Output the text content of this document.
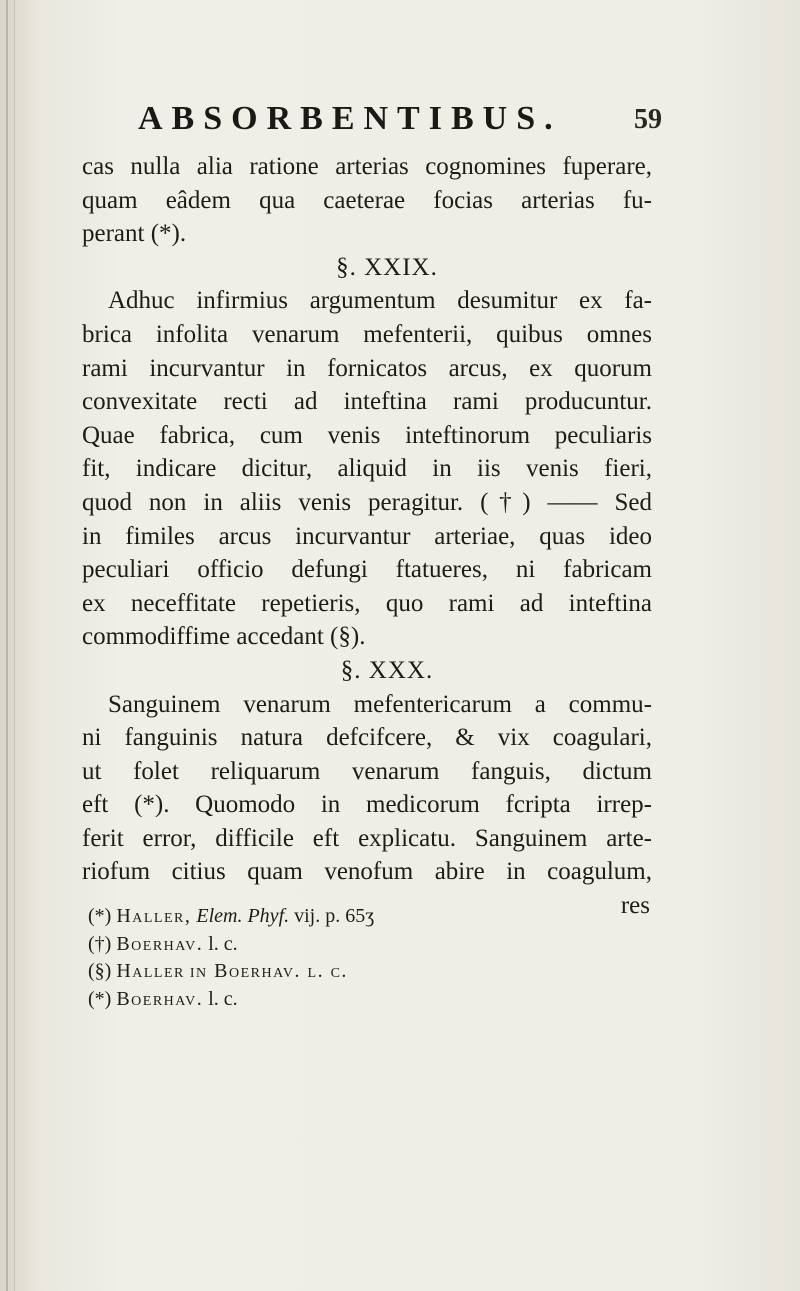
ABSORBENTIBUS.	59
cas nulla alia ratione arterias cognomines fuperare,
quam eâdem qua caeterae focias arterias fu-
perant (*).
§. XXIX.
Adhuc infirmius argumentum desumitur ex fa-
brica infolita venarum mefenterii, quibus omnes
rami incurvantur in fornicatos arcus, ex quorum
convexitate recti ad inteftina rami producuntur.
Quae fabrica, cum venis inteftinorum peculiaris
fit, indicare dicitur, aliquid in iis venis fieri,
quod non in aliis venis peragitur. (†) —— Sed
in fimiles arcus incurvantur arteriae, quas ideo
peculiari officio defungi ftatueres, ni fabricam
ex neceffitate repetieris, quo rami ad inteftina
commodiffime accedant (§).
§. XXX.
Sanguinem venarum mefentericarum a commu-
ni fanguinis natura defcifcere, & vix coagulari,
ut folet reliquarum venarum fanguis, dictum
eft (*). Quomodo in medicorum fcripta irrep-
ferit error, difficile eft explicatu. Sanguinem arte-
riofum citius quam venofum abire in coagulum,
res
(*) Haller, Elem. Phyf. vij. p. 65ʒ
(†) Boerhav. l. c.
(§) Haller in Boerhav. l. c.
(*) Boerhav. l. c.
